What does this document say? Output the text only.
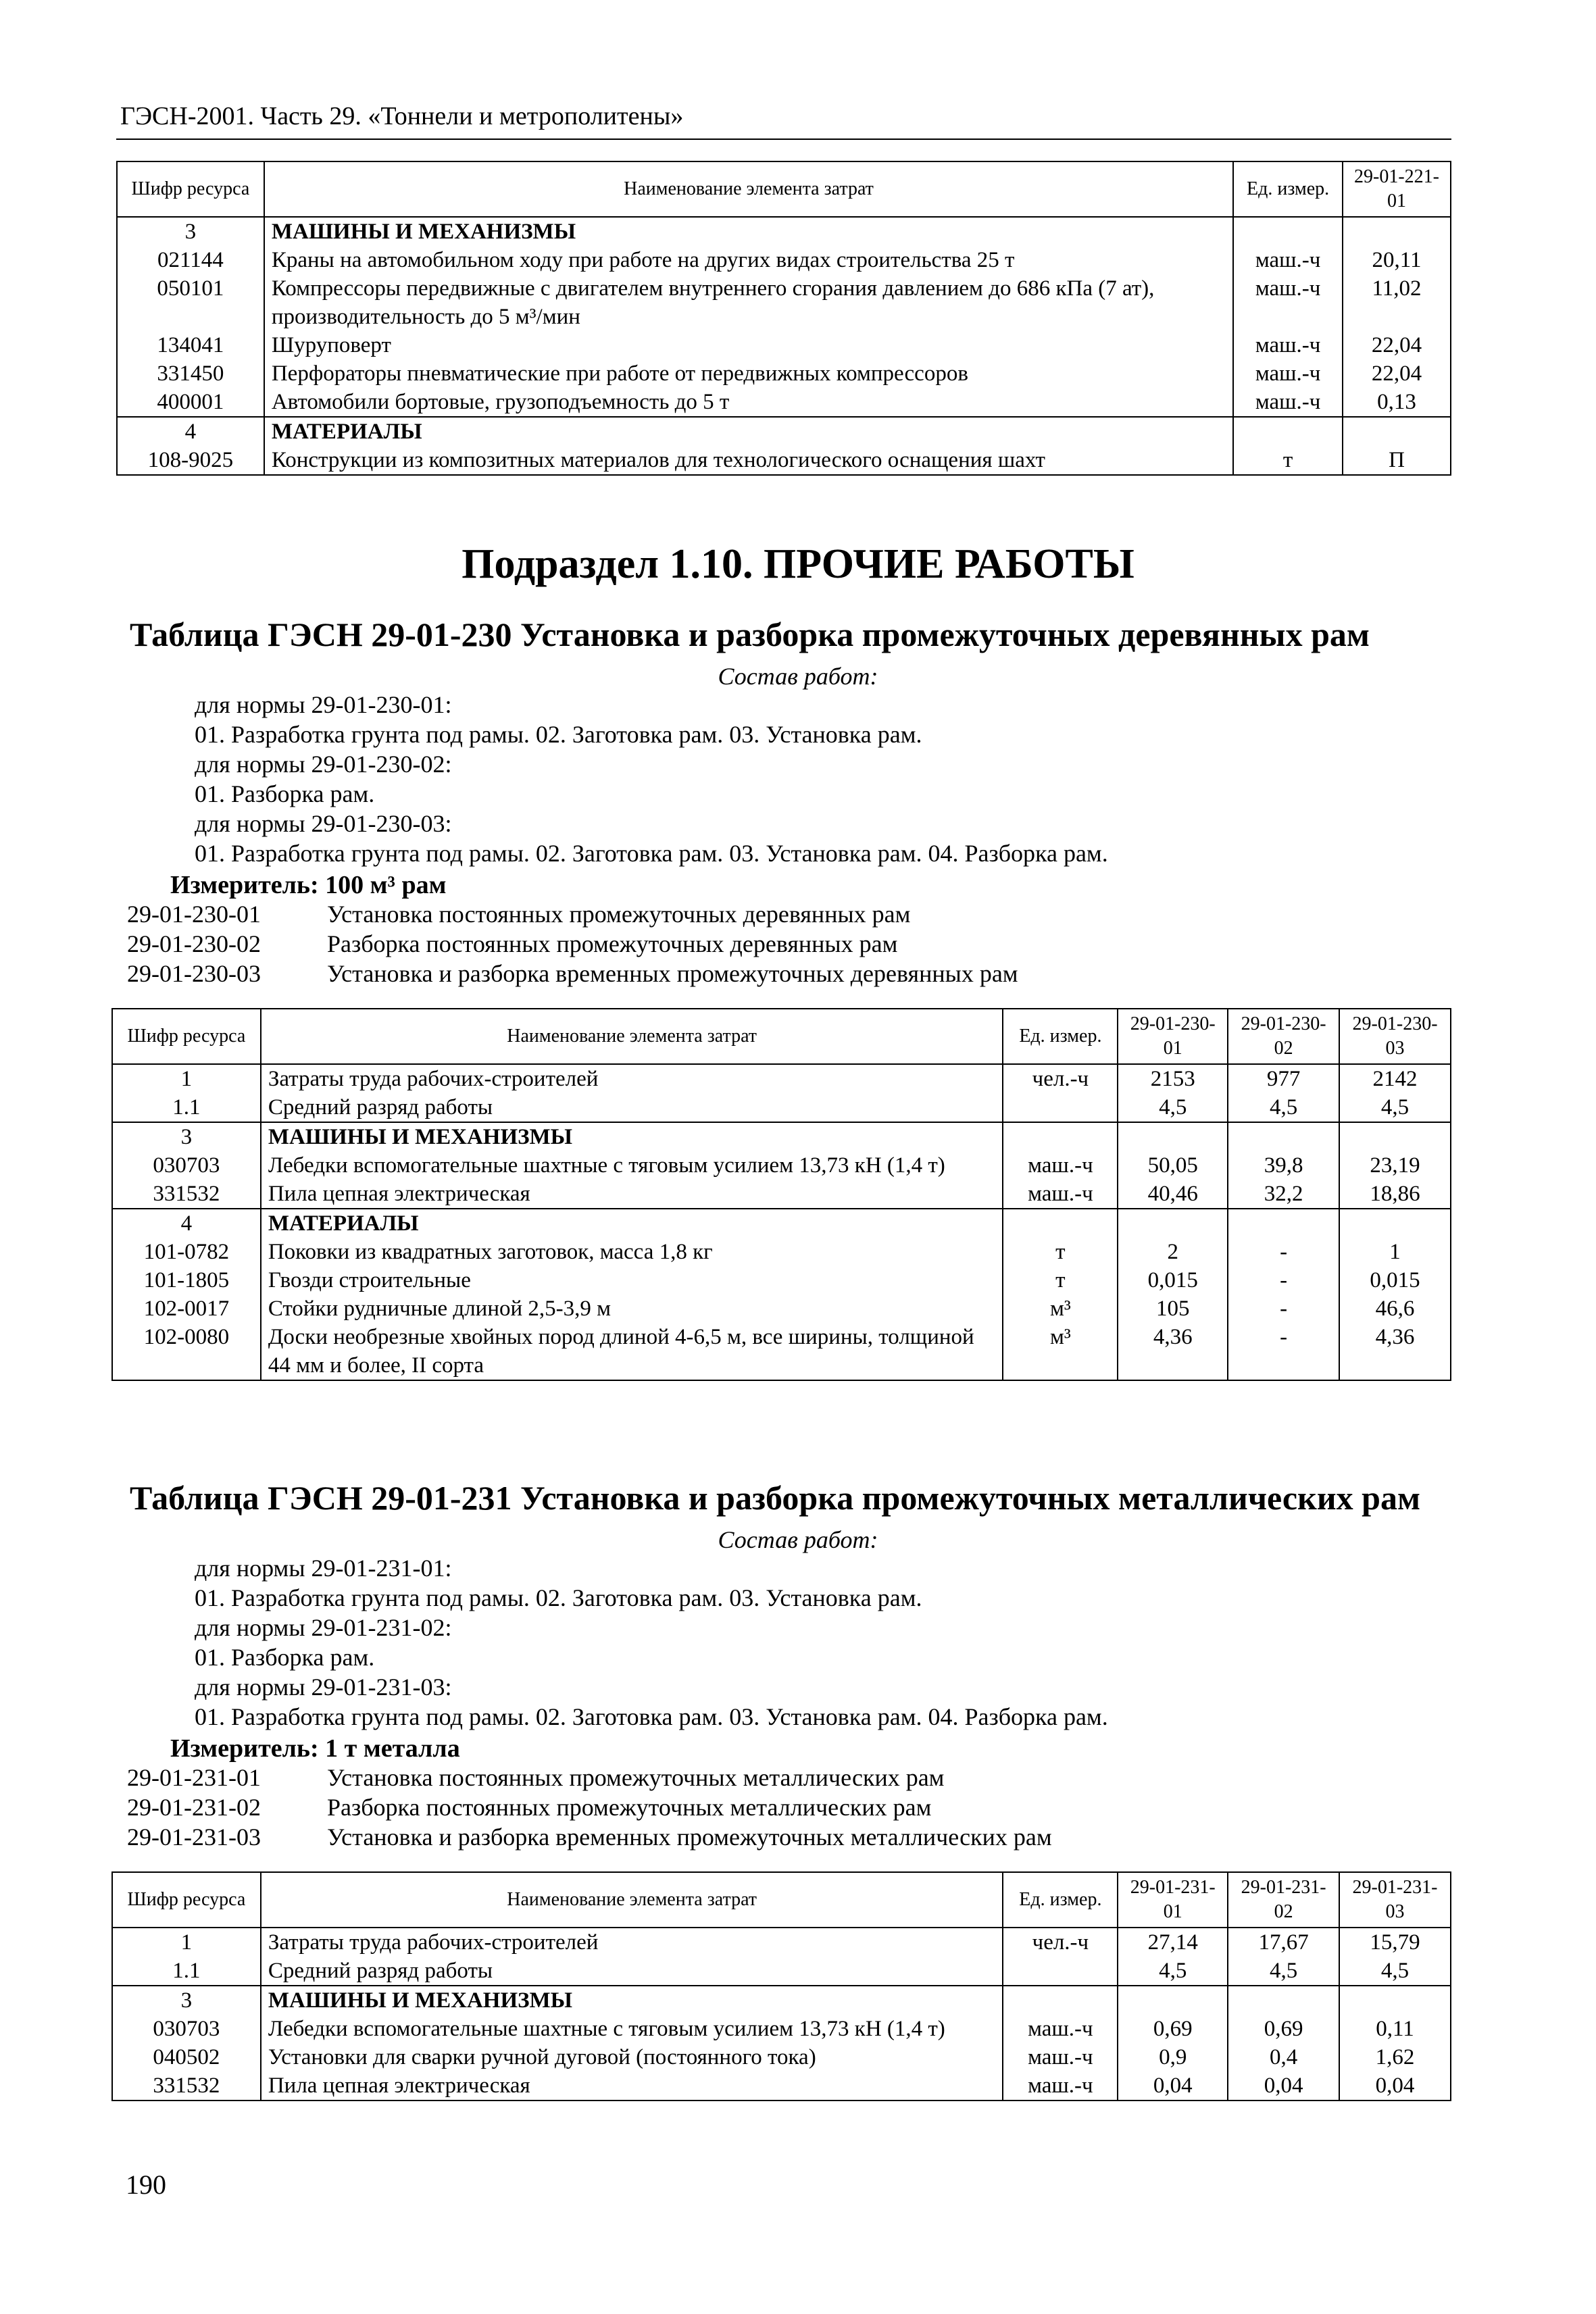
ГЭСН-2001. Часть 29. «Тоннели и метрополитены»
Шифр ресурса	Наименование элемента затрат	Ед. измер.	29-01-221-01
3	МАШИНЫ И МЕХАНИЗМЫ		
021144	Краны на автомобильном ходу при работе на других видах строительства 25 т	маш.-ч	20,11
050101	Компрессоры передвижные с двигателем внутреннего сгорания давлением до 686 кПа (7 ат), производительность до 5 м³/мин	маш.-ч	11,02
134041	Шуруповерт	маш.-ч	22,04
331450	Перфораторы пневматические при работе от передвижных компрессоров	маш.-ч	22,04
400001	Автомобили бортовые, грузоподъемность до 5 т	маш.-ч	0,13
4	МАТЕРИАЛЫ		
108-9025	Конструкции из композитных материалов для технологического оснащения шахт	т	П
Подраздел 1.10. ПРОЧИЕ РАБОТЫ
Таблица ГЭСН 29-01-230 Установка и разборка промежуточных деревянных рам
Состав работ:
для нормы 29-01-230-01:
01. Разработка грунта под рамы. 02. Заготовка рам. 03. Установка рам.
для нормы 29-01-230-02:
01. Разборка рам.
для нормы 29-01-230-03:
01. Разработка грунта под рамы. 02. Заготовка рам. 03. Установка рам. 04. Разборка рам.
Измеритель: 100 м³ рам
29-01-230-01	Установка постоянных промежуточных деревянных рам
29-01-230-02	Разборка постоянных промежуточных деревянных рам
29-01-230-03	Установка и разборка временных промежуточных деревянных рам
Шифр ресурса	Наименование элемента затрат	Ед. измер.	29-01-230-01	29-01-230-02	29-01-230-03
1	Затраты труда рабочих-строителей	чел.-ч	2153	977	2142
1.1	Средний разряд работы		4,5	4,5	4,5
3	МАШИНЫ И МЕХАНИЗМЫ				
030703	Лебедки вспомогательные шахтные с тяговым усилием 13,73 кН (1,4 т)	маш.-ч	50,05	39,8	23,19
331532	Пила цепная электрическая	маш.-ч	40,46	32,2	18,86
4	МАТЕРИАЛЫ				
101-0782	Поковки из квадратных заготовок, масса 1,8 кг	т	2	-	1
101-1805	Гвозди строительные	т	0,015	-	0,015
102-0017	Стойки рудничные длиной 2,5-3,9 м	м³	105	-	46,6
102-0080	Доски необрезные хвойных пород длиной 4-6,5 м, все ширины, толщиной 44 мм и более, II сорта	м³	4,36	-	4,36
Таблица ГЭСН 29-01-231 Установка и разборка промежуточных металлических рам
Состав работ:
для нормы 29-01-231-01:
01. Разработка грунта под рамы. 02. Заготовка рам. 03. Установка рам.
для нормы 29-01-231-02:
01. Разборка рам.
для нормы 29-01-231-03:
01. Разработка грунта под рамы. 02. Заготовка рам. 03. Установка рам. 04. Разборка рам.
Измеритель: 1 т металла
29-01-231-01	Установка постоянных промежуточных металлических рам
29-01-231-02	Разборка постоянных промежуточных металлических рам
29-01-231-03	Установка и разборка временных промежуточных металлических рам
Шифр ресурса	Наименование элемента затрат	Ед. измер.	29-01-231-01	29-01-231-02	29-01-231-03
1	Затраты труда рабочих-строителей	чел.-ч	27,14	17,67	15,79
1.1	Средний разряд работы		4,5	4,5	4,5
3	МАШИНЫ И МЕХАНИЗМЫ				
030703	Лебедки вспомогательные шахтные с тяговым усилием 13,73 кН (1,4 т)	маш.-ч	0,69	0,69	0,11
040502	Установки для сварки ручной дуговой (постоянного тока)	маш.-ч	0,9	0,4	1,62
331532	Пила цепная электрическая	маш.-ч	0,04	0,04	0,04
190
